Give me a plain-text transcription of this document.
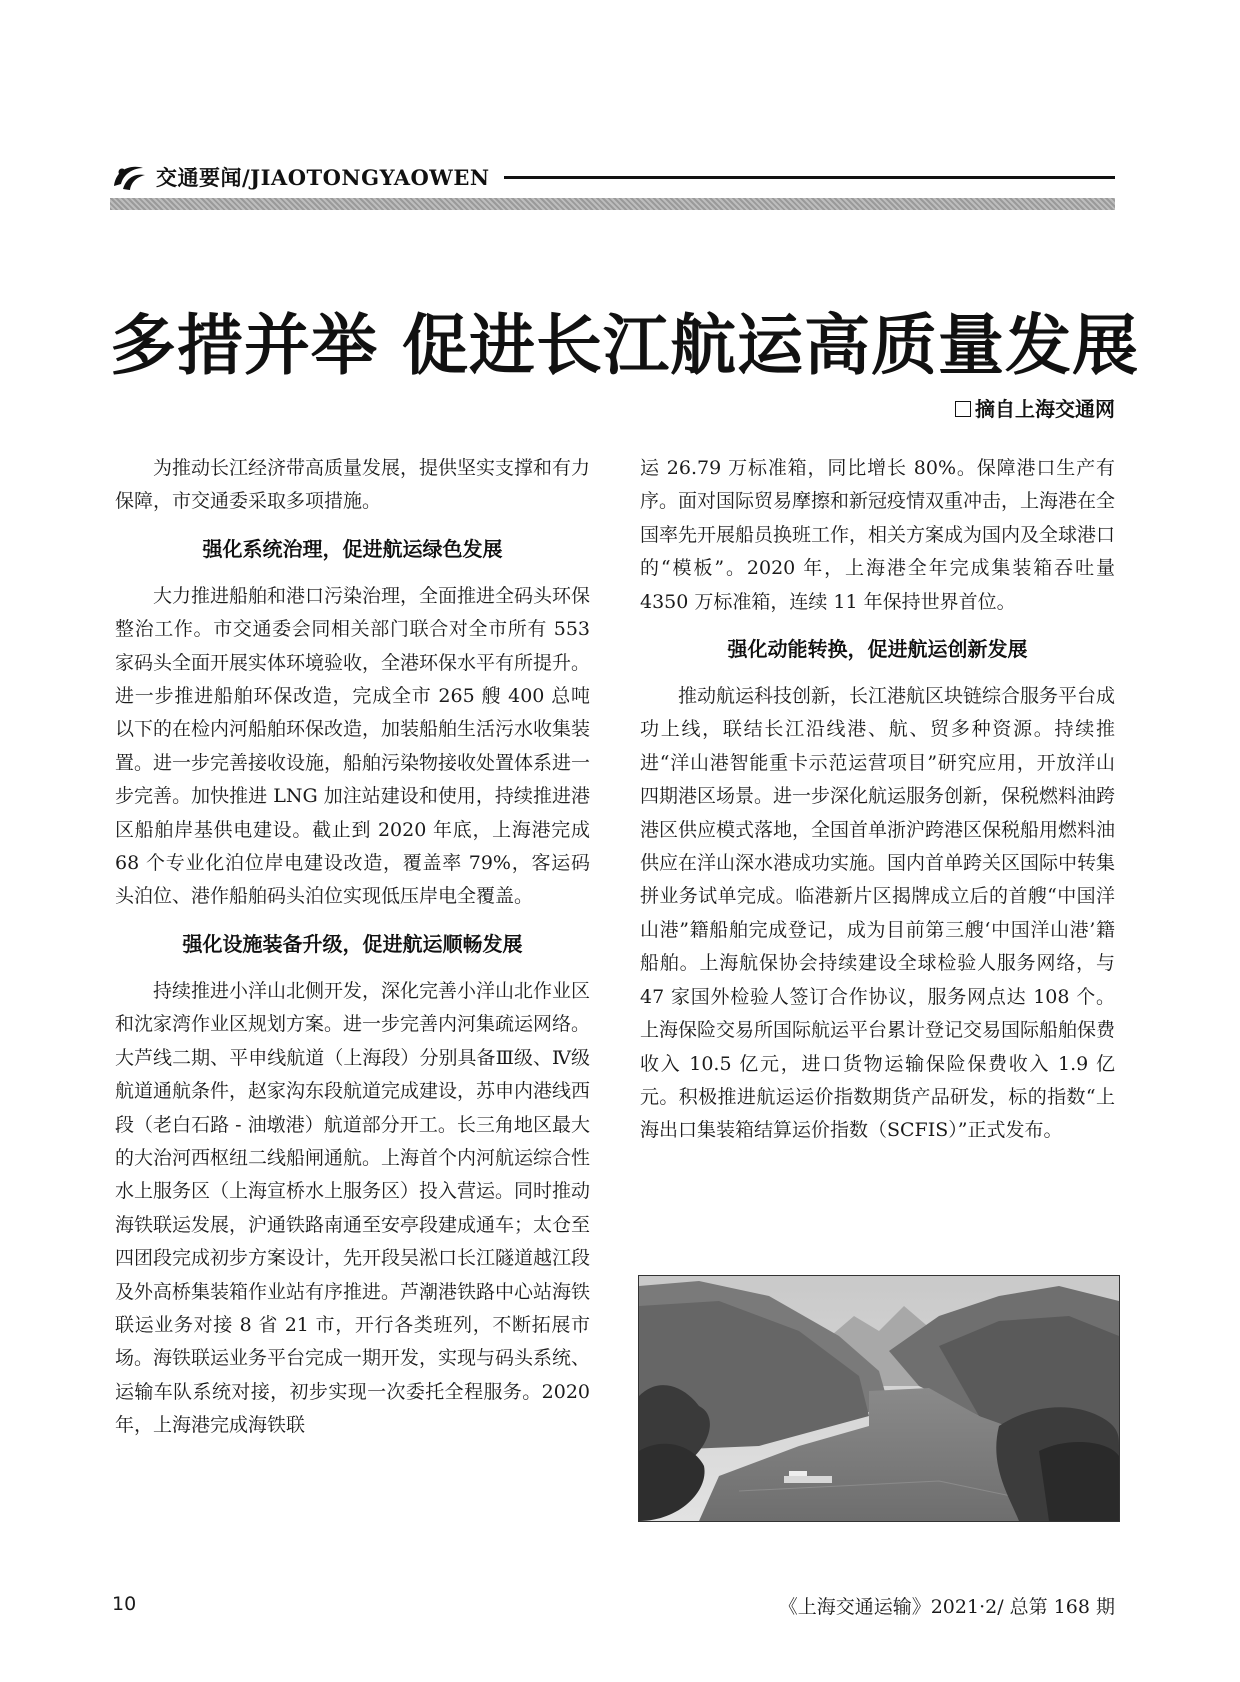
交通要闻/JIAOTONGYAOWEN
多措并举 促进长江航运高质量发展
摘自上海交通网

为推动长江经济带高质量发展，提供坚实支撑和有力保障，市交通委采取多项措施。

强化系统治理，促进航运绿色发展

大力推进船舶和港口污染治理，全面推进全码头环保整治工作。市交通委会同相关部门联合对全市所有 553 家码头全面开展实体环境验收，全港环保水平有所提升。进一步推进船舶环保改造，完成全市 265 艘 400 总吨以下的在检内河船舶环保改造，加装船舶生活污水收集装置。进一步完善接收设施，船舶污染物接收处置体系进一步完善。加快推进 LNG 加注站建设和使用，持续推进港区船舶岸基供电建设。截止到 2020 年底，上海港完成 68 个专业化泊位岸电建设改造，覆盖率 79%，客运码头泊位、港作船舶码头泊位实现低压岸电全覆盖。

强化设施装备升级，促进航运顺畅发展

持续推进小洋山北侧开发，深化完善小洋山北作业区和沈家湾作业区规划方案。进一步完善内河集疏运网络。大芦线二期、平申线航道（上海段）分别具备Ⅲ级、Ⅳ级航道通航条件，赵家沟东段航道完成建设，苏申内港线西段（老白石路 - 油墩港）航道部分开工。长三角地区最大的大治河西枢纽二线船闸通航。上海首个内河航运综合性水上服务区（上海宣桥水上服务区）投入营运。同时推动海铁联运发展，沪通铁路南通至安亭段建成通车；太仓至四团段完成初步方案设计，先开段吴淞口长江隧道越江段及外高桥集装箱作业站有序推进。芦潮港铁路中心站海铁联运业务对接 8 省 21 市，开行各类班列，不断拓展市场。海铁联运业务平台完成一期开发，实现与码头系统、运输车队系统对接，初步实现一次委托全程服务。2020 年，上海港完成海铁联

运 26.79 万标准箱，同比增长 80%。保障港口生产有序。面对国际贸易摩擦和新冠疫情双重冲击，上海港在全国率先开展船员换班工作，相关方案成为国内及全球港口的“模板”。2020 年，上海港全年完成集装箱吞吐量 4350 万标准箱，连续 11 年保持世界首位。

强化动能转换，促进航运创新发展

推动航运科技创新，长江港航区块链综合服务平台成功上线，联结长江沿线港、航、贸多种资源。持续推进“洋山港智能重卡示范运营项目”研究应用，开放洋山四期港区场景。进一步深化航运服务创新，保税燃料油跨港区供应模式落地，全国首单浙沪跨港区保税船用燃料油供应在洋山深水港成功实施。国内首单跨关区国际中转集拼业务试单完成。临港新片区揭牌成立后的首艘“中国洋山港”籍船舶完成登记，成为目前第三艘‘中国洋山港’籍船舶。上海航保协会持续建设全球检验人服务网络，与 47 家国外检验人签订合作协议，服务网点达 108 个。上海保险交易所国际航运平台累计登记交易国际船舶保费收入 10.5 亿元，进口货物运输保险保费收入 1.9 亿元。积极推进航运运价指数期货产品研发，标的指数“上海出口集装箱结算运价指数（SCFIS）”正式发布。

10	《上海交通运输》2021·2/ 总第 168 期
